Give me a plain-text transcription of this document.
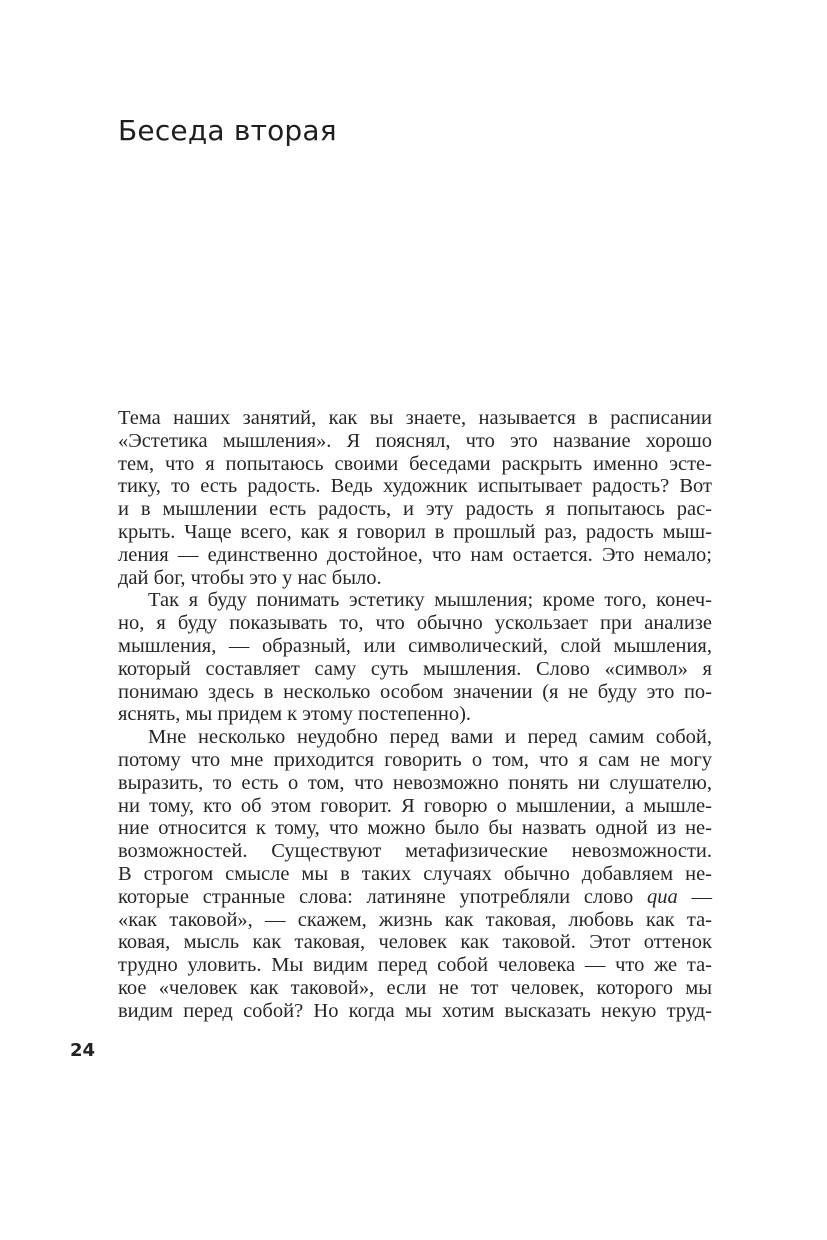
Беседа вторая
Тема наших занятий, как вы знаете, называется в расписании
«Эстетика мышления». Я пояснял, что это название хорошо
тем, что я попытаюсь своими беседами раскрыть именно эсте-
тику, то есть радость. Ведь художник испытывает радость? Вот
и в мышлении есть радость, и эту радость я попытаюсь рас-
крыть. Чаще всего, как я говорил в прошлый раз, радость мыш-
ления — единственно достойное, что нам остается. Это немало;
дай бог, чтобы это у нас было.
Так я буду понимать эстетику мышления; кроме того, конеч-
но, я буду показывать то, что обычно ускользает при анализе
мышления, — образный, или символический, слой мышления,
который составляет саму суть мышления. Слово «символ» я
понимаю здесь в несколько особом значении (я не буду это по-
яснять, мы придем к этому постепенно).
Мне несколько неудобно перед вами и перед самим собой,
потому что мне приходится говорить о том, что я сам не могу
выразить, то есть о том, что невозможно понять ни слушателю,
ни тому, кто об этом говорит. Я говорю о мышлении, а мышле-
ние относится к тому, что можно было бы назвать одной из не-
возможностей. Существуют метафизические невозможности.
В строгом смысле мы в таких случаях обычно добавляем не-
которые странные слова: латиняне употребляли слово qua —
«как таковой», — скажем, жизнь как таковая, любовь как та-
ковая, мысль как таковая, человек как таковой. Этот оттенок
трудно уловить. Мы видим перед собой человека — что же та-
кое «человек как таковой», если не тот человек, которого мы
видим перед собой? Но когда мы хотим высказать некую труд-
24
